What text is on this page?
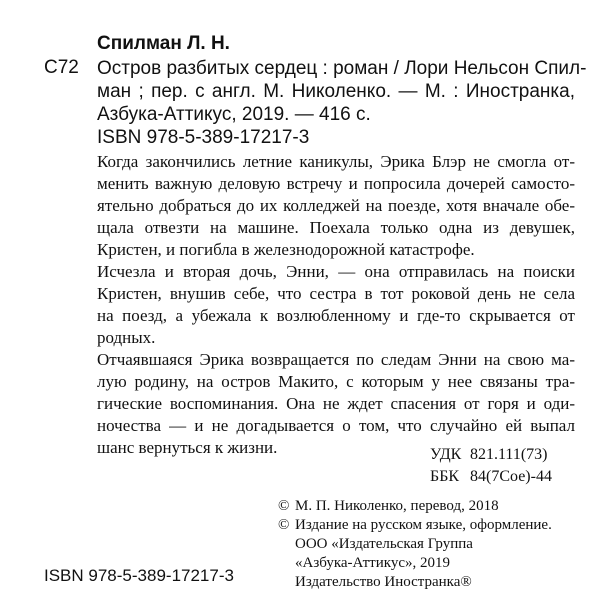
Спилман Л. Н.
С72 Остров разбитых сердец : роман / Лори Нельсон Спил-
ман ; пер. с англ. М. Николенко. — М. : Иностранка,
Азбука-Аттикус, 2019. — 416 с.
ISBN 978-5-389-17217-3
Когда закончились летние каникулы, Эрика Блэр не смогла от-
менить важную деловую встречу и попросила дочерей самосто-
ятельно добраться до их колледжей на поезде, хотя вначале обе-
щала отвезти на машине. Поехала только одна из девушек,
Кристен, и погибла в железнодорожной катастрофе.
Исчезла и вторая дочь, Энни, — она отправилась на поиски
Кристен, внушив себе, что сестра в тот роковой день не села
на поезд, а убежала к возлюбленному и где-то скрывается от
родных.
Отчаявшаяся Эрика возвращается по следам Энни на свою ма-
лую родину, на остров Макито, с которым у нее связаны тра-
гические воспоминания. Она не ждет спасения от горя и оди-
ночества — и не догадывается о том, что случайно ей выпал
шанс вернуться к жизни.	УДК 821.111(73)
ББК 84(7Сое)-44
© М. П. Николенко, перевод, 2018
© Издание на русском языке, оформление.
ООО «Издательская Группа
«Азбука-Аттикус», 2019
Издательство Иностранка®
ISBN 978-5-389-17217-3
